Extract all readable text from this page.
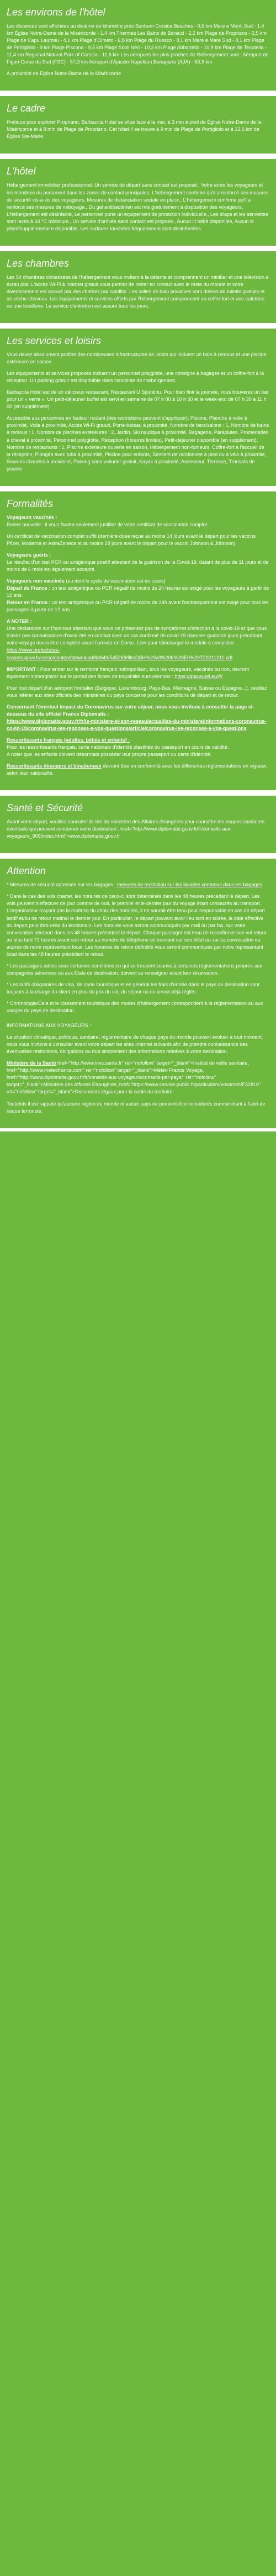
Les environs de l'hôtel

Les distances sont affichées au dixième de kilomètre près Sunburn Corsica Beaches - 0,5 km Mare e Monti Sud - 1,4 km Église Notre-Dame de la Miséricorde - 1,4 km Thermes Les Bains de Baracci - 2,2 km Plage de Propriano - 2,5 km Plage de Capu Laurosu - 4,1 km Plage d'Olmeto - 6,8 km Plage du Ruesco - 8,1 km Mare e Mare Sud - 8,1 km Plage de Portigliolo - 9 km Plage Piscona - 9,5 km Plage Scoli Neri - 10,3 km Plage Abbartello - 10,9 km Plage de Tenutella - 11,4 km Regional Natural Park of Corsica - 11,6 km Les aéroports les plus proches de l'hébergement sont : Aéroport de Figari-Corse du Sud (FSC) - 57,3 km Aéroport d'Ajaccio-Napoléon Bonaparte (AJA) - 63,9 km

À proximité de Église Notre-Dame de la Miséricorde

Le cadre

Pratique pour explorer Propriano, Barbaccia Hotel se situe face à la mer, à 3 min à pied de Église Notre-Dame de la Miséricorde et à 8 min de Plage de Propriano. Cet hôtel 4 se trouve à 9 min de Plage de Portigliolo et à 12,6 km de Église Ste-Marie.

L'hôtel

Hébergement immobilier professionnel. Un service de départ sans contact est proposé., Votre entre les voyageurs et les membres du personnel dans les zones de contact principales, L'hébergement confirme qu'il a renforcé ses mesures de sécurité vis-à-vis des voyageurs, Mesures de distanciation sociale en place., L'hébergement confirme qu'il a renforcé ses mesures de nettoyage., Du gel antibactérien est mis gratuitement à disposition des voyageurs, L'hébergement est désinfecté, Le personnel porte un équipement de protection individuelle., Les draps et les serviettes sont lavés à 60 °C minimum., Un service d'arrivée sans contact est proposé., Aucun lit bébé disponible, Aucun lit pliant/supplémentaire disponible, Les surfaces touchées fréquemment sont désinfectées.

Les chambres

Les 54 chambres climatisées de l'hébergement vous invitent à la détente et comprennent un minibar et une télévision à écran plat. L'accès Wi-Fi à Internet gratuit vous permet de rester en contact avec le reste du monde et votre divertissement est assuré par des chaînes par satellite. Les salles de bain privatives sont dotées de toilette gratuits et un sèche-cheveux. Les équipements et services offerts par l'hébergement comprennent un coffre-fort et une cafetière ou une bouilloire. Le service d'entretien est assuré tous les jours.

Les services et loisirs

Vous devez absolument profiter des nombreuses infrastructures de loisirs qui incluent un bain à remous et une piscine extérieure en saison.

Les équipements et services proposés incluent un personnel polyglotte, une consigne à bagages et un coffre-fort à la réception. Un parking gratuit est disponible dans l'enceinte de l'hébergement.

Barbaccia Hotel est de un délicieux restaurant, Restaurant U Spuntinu. Pour bien finir la journée, vous trouverez un bar pour un « verre ». Un petit-déjeuner buffet est servi en semaine de 07 h 00 à 10 h 30 et le week-end de 07 h 30 à 11 h 00 (en supplément).

Accessible aux personnes en fauteuil roulant (des restrictions peuvent s'appliquer), Piscine, Planche à voile à proximité, Voile à proximité, Accès Wi-Fi gratuit, Porte-bateau à proximité, Nombre de bars/salons : 1, Nombre de bains à remous : 1, Nombre de piscines extérieures : 2, Jardin, Ski nautique à proximité, Bagagerie, Parapluies, Promenades à cheval à proximité, Personnel polyglotte, Réception (horaires limités), Petit-déjeuner disponible (en supplément), Nombre de restaurants : 1, Piscine extérieure ouverte en saison, Hébergement non-fumeurs, Coffre-fort à l'accueil de la réception, Plongée avec tuba à proximité, Piscine pour enfants, Sentiers de randonnée à pied ou à vélo à proximité, Sources chaudes à proximité, Parking sans voiturier gratuit, Kayak à proximité, Ascenseur, Terrasse, Transats de piscine

Formalités

Voyageurs vaccinés :
Bonne nouvelle : il vous faudra seulement justifier de votre certificat de vaccination complet.

Un certificat de vaccination complet suffit (dernière dose reçue au moins 14 jours avant le départ pour les vaccins Pfizer, Moderna et AstraZeneca et au moins 28 jours avant le départ pour le vaccin Johnson & Johnson).

Voyageurs guéris :
Le résultat d'un test PCR ou antigénique positif attestant de la guérison de la Covid-19, datant de plus de 11 jours et de moins de 6 mois est également accepté.

Voyageurs non vaccinés (ou dont le cycle de vaccination est en cours)
Départ de France : un test antigénique ou PCR négatif de moins de 24 heures est exigé pour les voyageurs à partir de 12 ans.
Retour en France : un test antigénique ou PCR négatif de moins de 24h avant l'embarquement est exigé pour tous les passagers à partir de 12 ans.

A NOTER :
Une déclaration sur l'honneur attestant que vous ne présentez pas de symptômes d'infection à la covid-19 et que vous n'avez pas connaissance d'avoir été en contact avec un cas confirmé de covid-19 dans les quatorze jours précédant votre voyage devra être complété avant l'arrivée en Corse. Lien pour télécharger le modèle à compléter :
https://www.prefectures-regions.gouv.fr/corse/content/download/84649/545258/file/DSH%20v3%20fr%20E0%20T20211211.pdf

IMPORTANT : Pour entrer sur le territoire français métropolitain, tous les voyageurs, vaccinés ou non, devront également s'enregistrer sur le portail des fiches de traçabilité européennes : https://app.euplf.eu/#/

Pour tout départ d'un aéroport frontalier (Belgique, Luxembourg, Pays-Bas, Allemagne, Suisse ou Espagne...), veuillez vous référer aux sites officiels des ministères du pays concerné pour les conditions de départ et de retour.

Concernant l'éventuel impact du Coronavirus sur votre séjour, nous vous invitons à consulter la page ci-dessous du site officiel France Diplomatie :
https://www.diplomatie.gouv.fr/fr/le-ministere-et-son-reseau/actualites-du-ministere/informations-coronavirus-covid-19/coronavirus-les-reponses-a-vos-questions/article/coronavirus-les-reponses-a-vos-questions

Ressortissants français (adultes, bébés et enfants) :
Pour les ressortissants français, carte nationale d'identité plastifiée ou passeport en cours de validité.
A noter que les enfants doivent désormais posséder leur propre passeport ou carte d'identité.

Ressortissants étrangers et binationaux devront être en conformité avec les différentes réglementations en vigueur, selon leur nationalité.

Santé et Sécurité

Avant votre départ, veuillez consulter le site du ministère des Affaires étrangères pour connaître les risques sanitaires éventuels qui peuvent concerner votre destination : href="http://www.diplomatie.gouv.fr/fr/conseils-aux-voyageurs_909/index.html">www.diplomatie.gouv.fr

Attention

* Mesures de sécurité adressée sur les bagages : mesures de restriction sur les liquides contenus dans les bagages

* Dans le cas des vols charter, les horaires de ceux-ci sont déterminés dans les 48 heures précédant le départ. Les vols peuvent s'effectuer de jour comme de nuit, le premier et le dernier jour du voyage étant consacrés au transport. L'organisateur n'ayant pas la maîtrise du choix des horaires, il ne saurait être tenu pour responsable en cas de départ tardif et/ou de retour matinal le dernier jour. En particulier, le départ pouvant avoir lieu tard en soirée, la date effective du départ peut être celle du lendemain. Les horaires vous seront communiqués par mail ou par fax, sur votre convocation aéroport dans les 48 heures précédant le départ. Chaque passager est tenu de reconfirmer son vol retour au plus tard 72 heures avant son retour au numéro de téléphone se trouvant sur son billet ou sur sa convocation ou auprès de notre représentant local. Les horaires de retour définitifs vous seront communiqués par notre représentant local dans les 48 heures précédant le retour.

* Les passagers admis sous certaines conditions ou qui se trouvent soumis à certaines réglementations propres aux compagnies aériennes ou aux Etats de destination, doivent se renseigner avant leur réservation.

* Les tarifs obligatoires de visa, de carte touristique et en général les frais d'entrée dans le pays de destination sont toujours à la charge du client en plus du prix du vol, du séjour ou du circuit déjà réglés.

* Chronologie/Cela et le classement touristique des modes d'hébergement correspondent à la réglementation ou aux usages du pays de destination.

INFORMATIONS AUX VOYAGEURS :

La situation climatique, politique, sanitaire, réglementaire de chaque pays du monde pouvant évoluer à tout moment, nous vous invitons à consulter avant votre départ les sites Internet suivants afin de prendre connaissance des éventuelles restrictions, obligations ou tout simplement des informations relatives à votre destination.

Ministère de la Santé href="http://www.invs.sante.fr" rel="nofollow" target="_blank">Institut de veille sanitaire, href="http://www.meteofrance.com" rel="nofollow" target="_blank">Météo France Voyage, href="http://www.diplomatie.gouv.fr/fr/conseils-aux-voyageurs/conseils-par-pays/" rel="nofollow" target="_blank">Ministère des Affaires Étrangères, href="https://www.service-public.fr/particuliers/vosdroits/F32810" rel="nofollow" target="_blank">Documents légaux pour la sortie du territoire.

Toutefois il est rappelé qu'aucune région du monde ni aucun pays ne peuvent être considérés comme étant à l'abri de risque terroriste.
